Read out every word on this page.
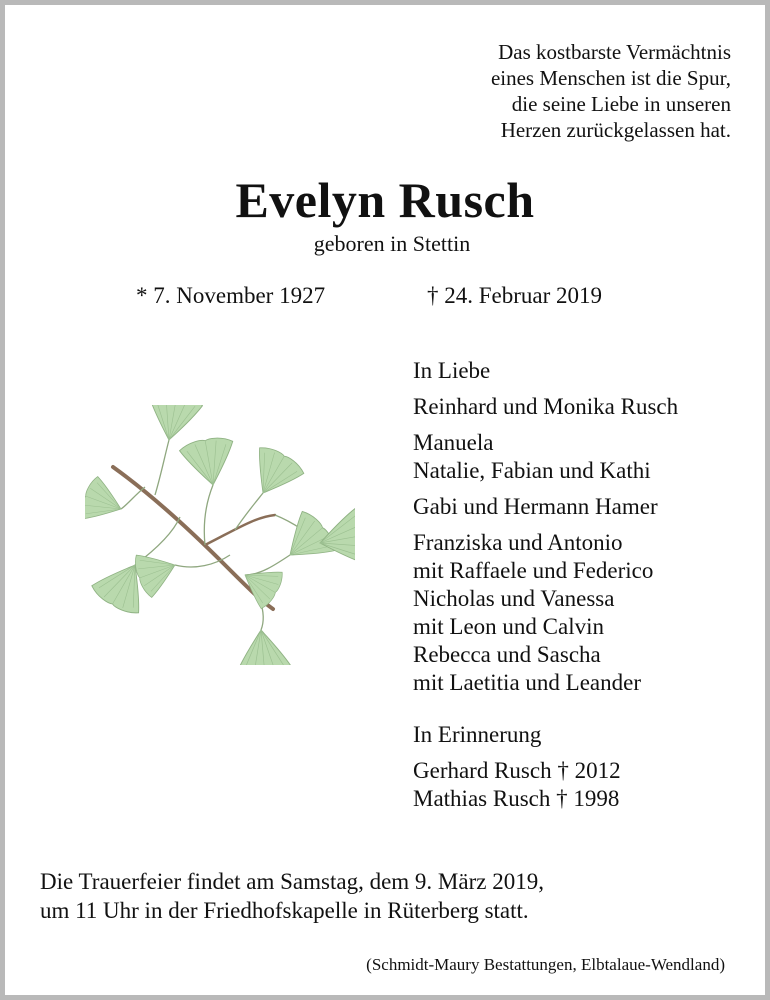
Das kostbarste Vermächtnis
eines Menschen ist die Spur,
die seine Liebe in unseren
Herzen zurückgelassen hat.
Evelyn Rusch
geboren in Stettin
* 7. November 1927	† 24. Februar 2019
In Liebe
Reinhard und Monika Rusch
Manuela
Natalie, Fabian und Kathi
Gabi und Hermann Hamer
Franziska und Antonio
mit Raffaele und Federico
Nicholas und Vanessa
mit Leon und Calvin
Rebecca und Sascha
mit Laetitia und Leander
In Erinnerung
Gerhard Rusch † 2012
Mathias Rusch † 1998
Die Trauerfeier findet am Samstag, dem 9. März 2019,
um 11 Uhr in der Friedhofskapelle in Rüterberg statt.
(Schmidt-Maury Bestattungen, Elbtalaue-Wendland)
